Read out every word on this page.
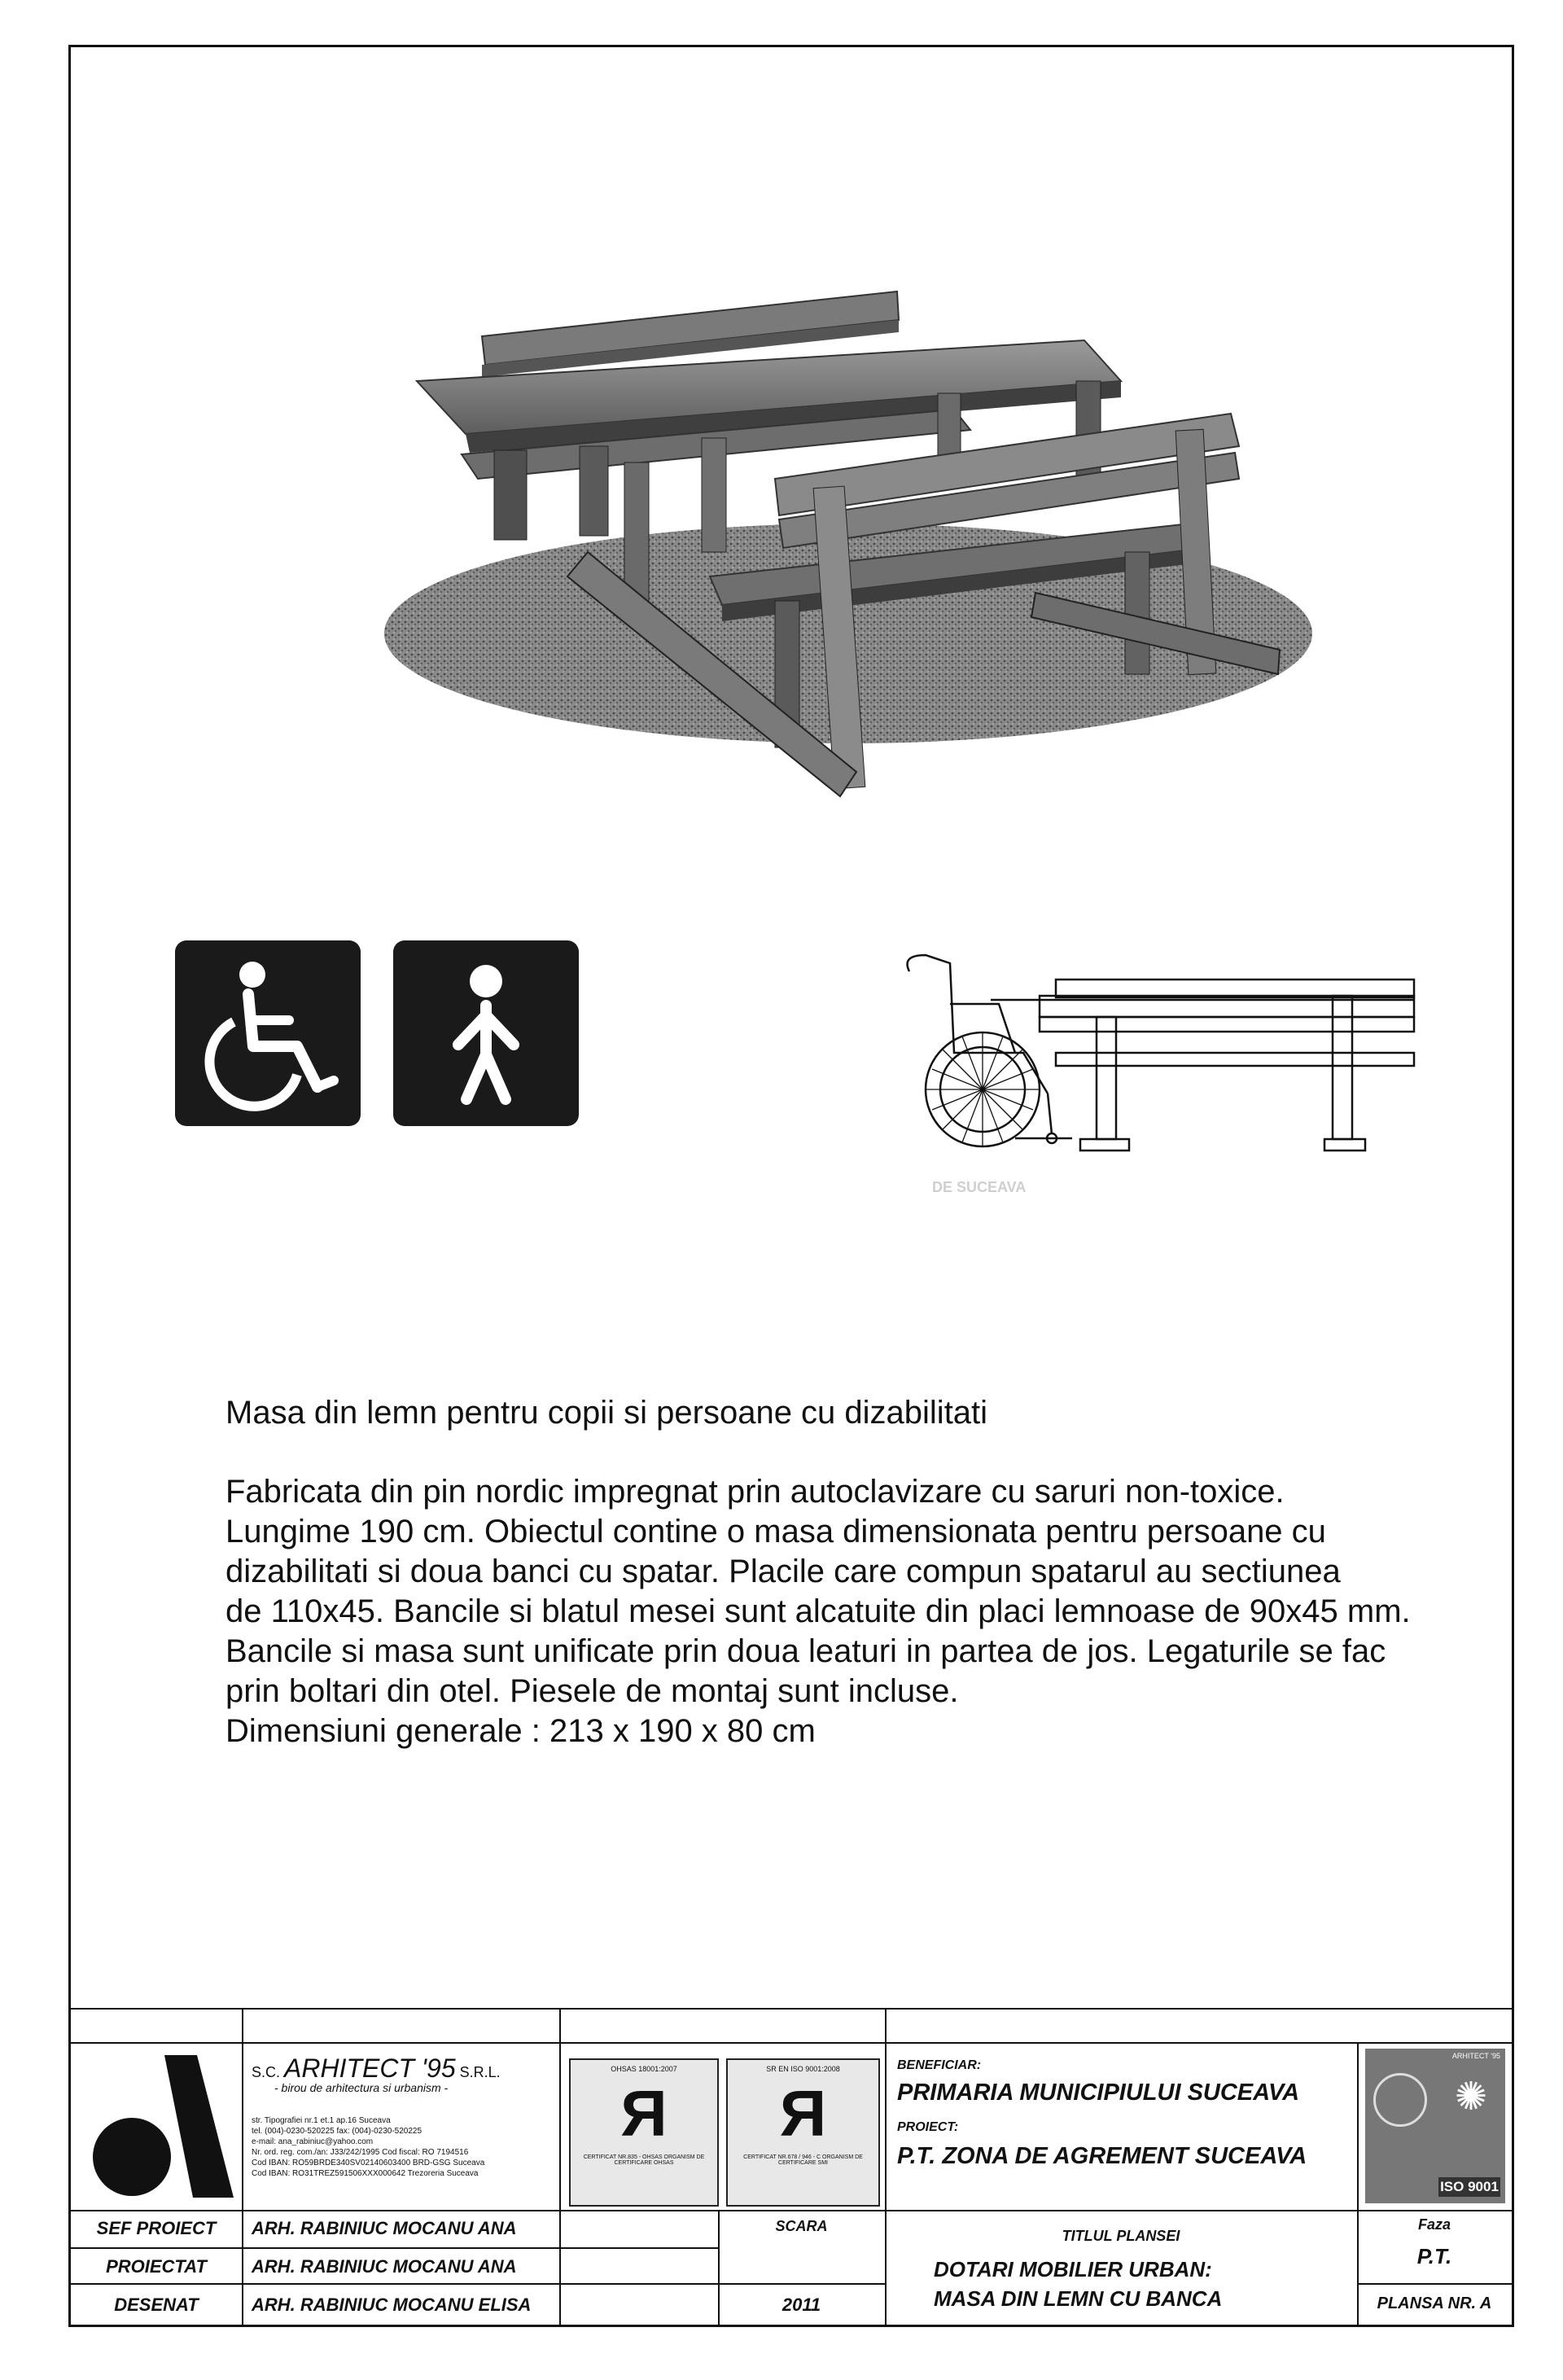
DE SUCEAVA
Masa din lemn pentru copii si persoane cu dizabilitati

Fabricata din pin nordic impregnat prin autoclavizare cu saruri non-toxice.
Lungime 190 cm. Obiectul contine o masa dimensionata pentru persoane cu
dizabilitati si doua banci cu spatar. Placile care compun spatarul au sectiunea
de 110x45. Bancile si blatul mesei sunt alcatuite din placi lemnoase de 90x45 mm.
Bancile si masa sunt unificate prin doua leaturi in partea de jos. Legaturile se fac
prin boltari din otel. Piesele de montaj sunt incluse.
Dimensiuni generale : 213 x 190 x 80 cm

S.C. ARHITECT '95 S.R.L.
- birou de arhitectura si urbanism -
str. Tipografiei nr.1 et.1 ap.16 Suceava
tel. (004)-0230-520225 fax: (004)-0230-520225
e-mail: ana_rabiniuc@yahoo.com
Nr. ord. reg. com./an: J33/242/1995 Cod fiscal: RO 7194516
Cod IBAN: RO59BRDE340SV02140603400 BRD-GSG Suceava
Cod IBAN: RO31TREZ591506XXX000642 Trezoreria Suceava
OHSAS 18001:2007
Я
CERTIFICAT NR.835 - OHSAS ORGANISM DE CERTIFICARE OHSAS
SR EN ISO 9001:2008
Я
CERTIFICAT NR.678 / 946 - C ORGANISM DE CERTIFICARE SMI
BENEFICIAR:
PRIMARIA MUNICIPIULUI SUCEAVA
PROIECT:
P.T. ZONA DE AGREMENT SUCEAVA
ARHITECT '95
✺
ISO 9001
SEF PROIECT	ARH. RABINIUC MOCANU ANA
PROIECTAT	ARH. RABINIUC MOCANU ANA
DESENAT	ARH. RABINIUC MOCANU ELISA
SCARA
2011
TITLUL PLANSEI
DOTARI MOBILIER URBAN:
MASA DIN LEMN CU BANCA
Faza
P.T.
PLANSA NR. A
